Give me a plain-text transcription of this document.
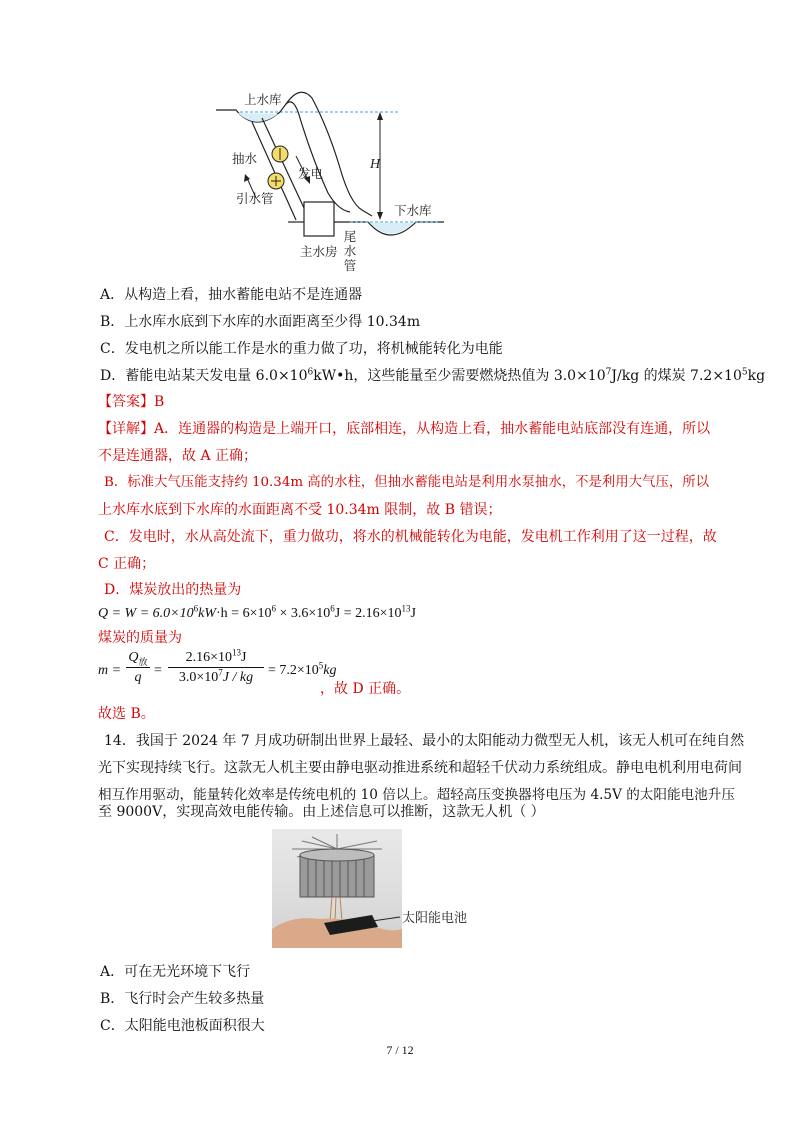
上水库
抽水
发电
引水管
H
下水库
主水房 尾水管
A．从构造上看，抽水蓄能电站不是连通器
B．上水库水底到下水库的水面距离至少得 10.34m
C．发电机之所以能工作是水的重力做了功，将机械能转化为电能
D．蓄能电站某天发电量 $6.0\times 10^6kW•h$，这些能量至少需要燃烧热值为 $3.0\times 10^7J/kg$ 的煤炭 $7.2\times 10^5kg$
【答案】B
【详解】A．连通器的构造是上端开口，底部相连，从构造上看，抽水蓄能电站底部没有连通，所以
不是连通器，故 A 正确；
B．标准大气压能支持约 10.34m 高的水柱，但抽水蓄能电站是利用水泵抽水，不是利用大气压，所以
上水库水底到下水库的水面距离不受 10.34m 限制，故 B 错误；
C．发电时，水从高处流下，重力做功，将水的机械能转化为电能，发电机工作利用了这一过程，故
C 正确；
D．煤炭放出的热量为
$Q = W = 6.0\times 10^6kW\cdot h = 6\times 10^6 \times 3.6\times 10^6J = 2.16\times 10^{13}J$
煤炭的质量为
m =
$Q_放$
$q = \frac{2.16\times 10^{13}J}{3.0\times 10^7J / kg} = 7.2\times 10^5kg$
，故 D 正确。
故选 B。
14．我国于 2024 年 7 月成功研制出世界上最轻、最小的太阳能动力微型无人机，该无人机可在纯自然
光下实现持续飞行。这款无人机主要由静电驱动推进系统和超轻千伏动力系统组成。静电电机利用电荷间
相互作用驱动，能量转化效率是传统电机的 10 倍以上。超轻高压变换器将电压为 4.5V 的太阳能电池升压
至 9000V，实现高效电能传输。由上述信息可以推断，这款无人机（ ）
太阳能电池
A．可在无光环境下飞行
B．飞行时会产生较多热量
C．太阳能电池板面积很大
7 / 12
